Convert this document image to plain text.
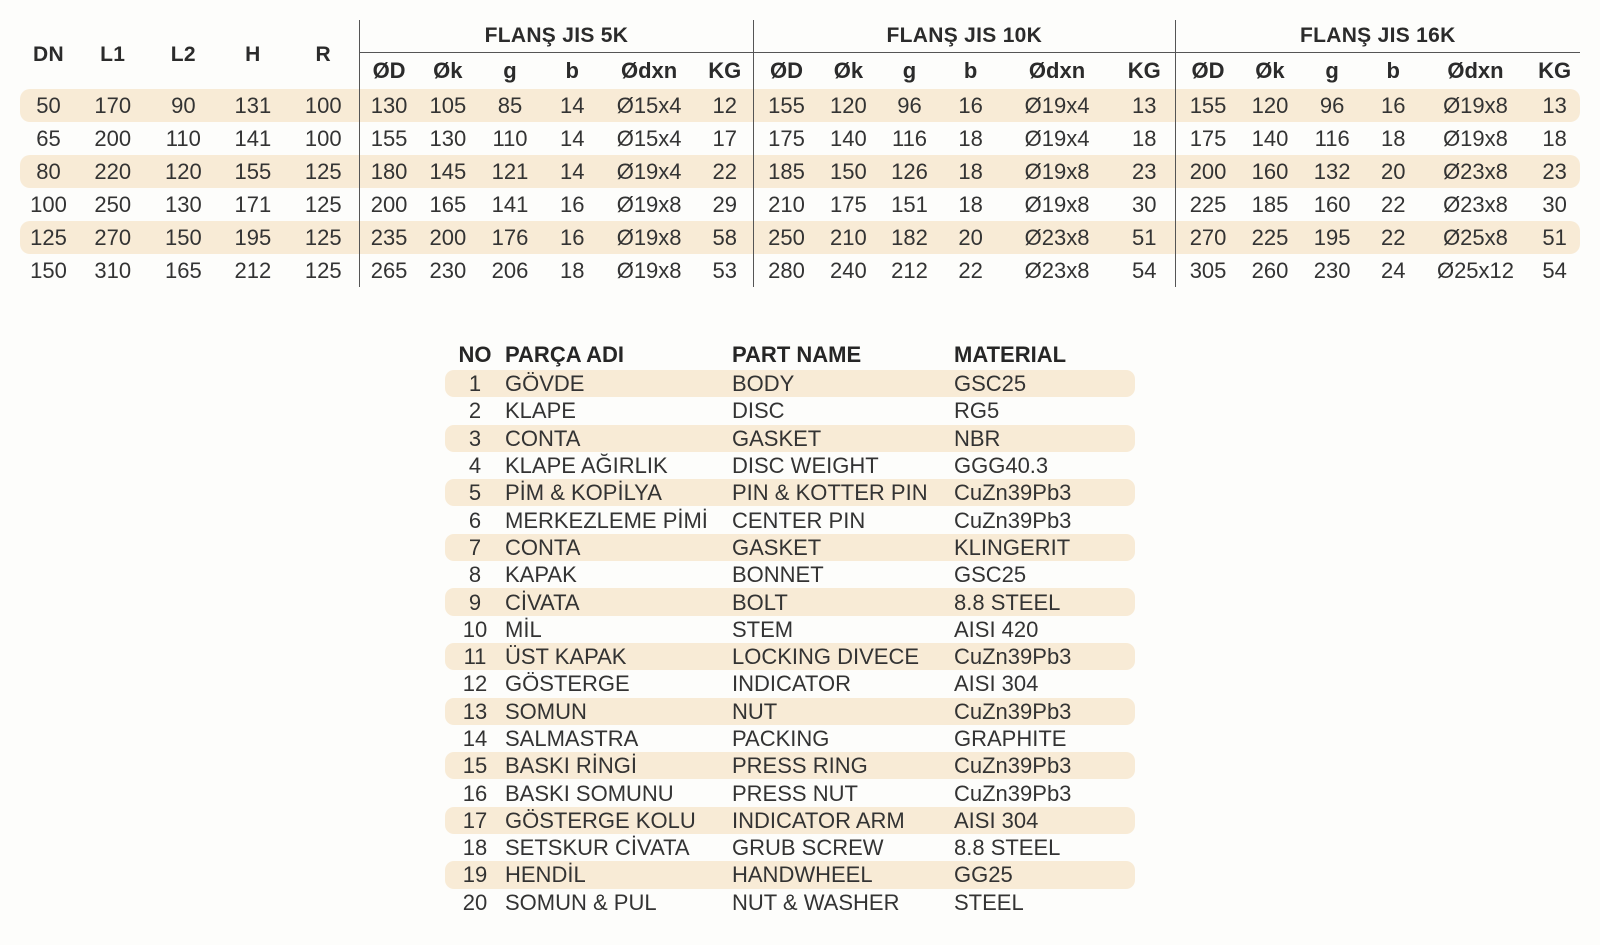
DN	L1	L2	H	R	FLANŞ JIS 5K						FLANŞ JIS 10K						FLANŞ JIS 16K					
					ØD	Øk	g	b	Ødxn	KG	ØD	Øk	g	b	Ødxn	KG	ØD	Øk	g	b	Ødxn	KG
50	170	90	131	100	130	105	85	14	Ø15x4	12	155	120	96	16	Ø19x4	13	155	120	96	16	Ø19x8	13
65	200	110	141	100	155	130	110	14	Ø15x4	17	175	140	116	18	Ø19x4	18	175	140	116	18	Ø19x8	18
80	220	120	155	125	180	145	121	14	Ø19x4	22	185	150	126	18	Ø19x8	23	200	160	132	20	Ø23x8	23
100	250	130	171	125	200	165	141	16	Ø19x8	29	210	175	151	18	Ø19x8	30	225	185	160	22	Ø23x8	30
125	270	150	195	125	235	200	176	16	Ø19x8	58	250	210	182	20	Ø23x8	51	270	225	195	22	Ø25x8	51
150	310	165	212	125	265	230	206	18	Ø19x8	53	280	240	212	22	Ø23x8	54	305	260	230	24	Ø25x12	54
NO	PARÇA ADI	PART NAME	MATERIAL
1	GÖVDE	BODY	GSC25
2	KLAPE	DISC	RG5
3	CONTA	GASKET	NBR
4	KLAPE AĞIRLIK	DISC WEIGHT	GGG40.3
5	PİM & KOPİLYA	PIN & KOTTER PIN	CuZn39Pb3
6	MERKEZLEME PİMİ	CENTER PIN	CuZn39Pb3
7	CONTA	GASKET	KLINGERIT
8	KAPAK	BONNET	GSC25
9	CİVATA	BOLT	8.8 STEEL
10	MİL	STEM	AISI 420
11	ÜST KAPAK	LOCKING DIVECE	CuZn39Pb3
12	GÖSTERGE	INDICATOR	AISI 304
13	SOMUN	NUT	CuZn39Pb3
14	SALMASTRA	PACKING	GRAPHITE
15	BASKI RİNGİ	PRESS RING	CuZn39Pb3
16	BASKI SOMUNU	PRESS NUT	CuZn39Pb3
17	GÖSTERGE KOLU	INDICATOR ARM	AISI 304
18	SETSKUR CİVATA	GRUB SCREW	8.8 STEEL
19	HENDİL	HANDWHEEL	GG25
20	SOMUN & PUL	NUT & WASHER	STEEL
